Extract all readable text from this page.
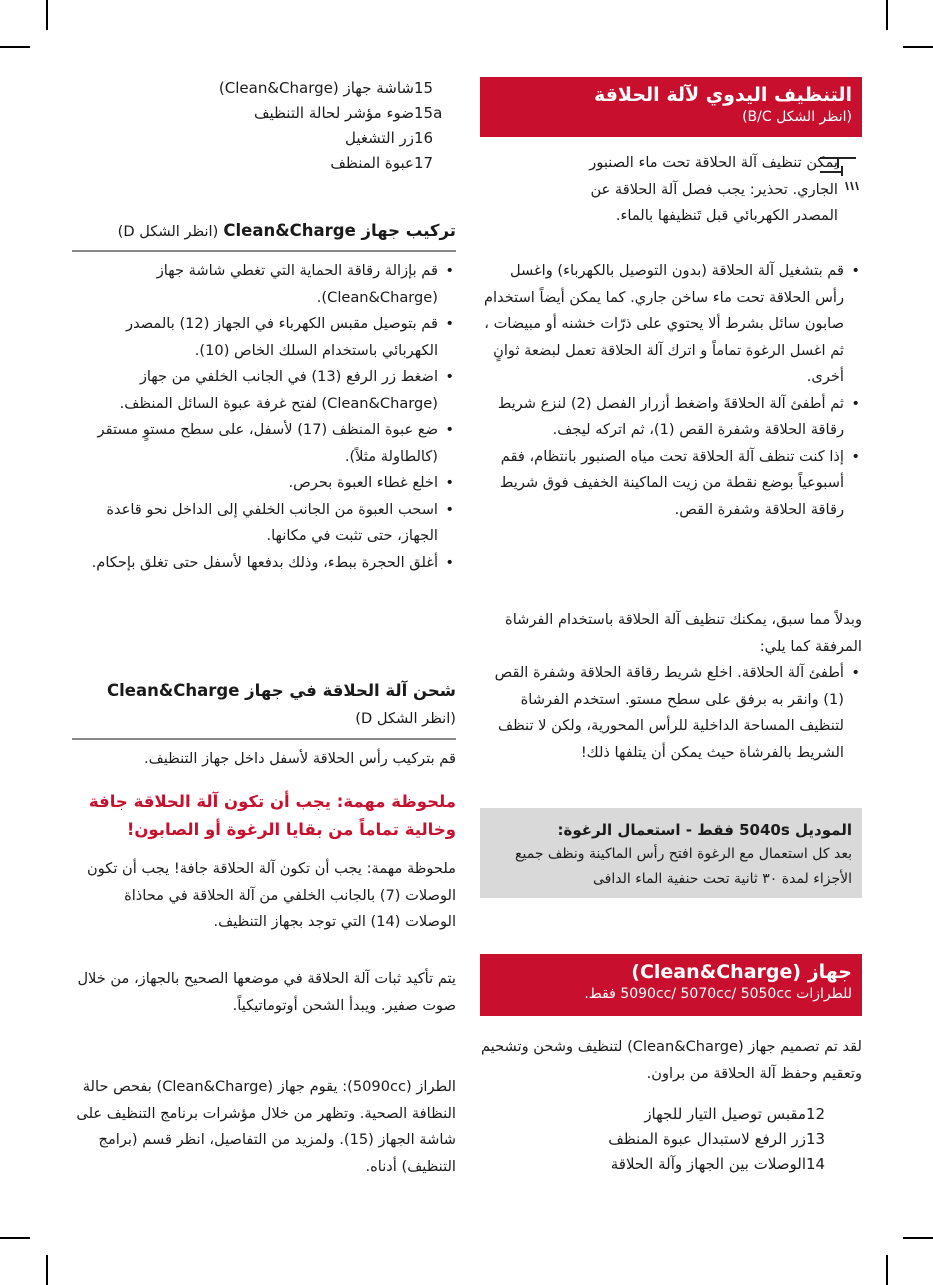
التنظيف اليدوي لآلة الحلاقة
(انظر الشكل B/C)
يمكن تنظيف آلة الحلاقة تحت ماء الصنبور
الجاري. تحذير: يجب فصل آلة الحلاقة عن
المصدر الكهربائي قبل تَنظيفها بالماء.
• قم بتشغيل آلة الحلاقة (بدون التوصيل بالكهرباء) واغسل رأس الحلاقة تحت ماء ساخن جاري. كما يمكن أيضاً استخدام صابون سائل بشرط ألا يحتوي على ذرّات خشنه أو مبيضات ، ثم اغسل الرغوة تماماً و اترك آلة الحلاقة تعمل لبضعة ثوانٍ أخرى.
• ثم أطفئ آلة الحلاقةَ واضغط أزرار الفصل (2) لنزع شريط رقاقة الحلاقة وشفرة القص (1)، ثم اتركه ليجف.
• إذا كنت تنظف آلة الحلاقة تحت مياه الصنبور بانتظام، فقم أسبوعياً بوضع نقطة من زيت الماكينة الخفيف فوق شريط رقاقة الحلاقة وشفرة القص.
وبدلاً مما سبق، يمكنك تنظيف آلة الحلاقة باستخدام الفرشاة المرفقة كما يلي:
• أطفئ آلة الحلاقة. اخلع شريط رقاقة الحلاقة وشفرة القص (1) وانقر به برفق على سطح مستو. استخدم الفرشاة لتنظيف المساحة الداخلية للرأس المحورية، ولكن لا تنظف الشريط بالفرشاة حيث يمكن أن يتلفها ذلك!
الموديل 5040s فقط - استعمال الرغوة:
بعد كل استعمال مع الرغوة افتح رأس الماكينة ونظف جميع الأجزاء لمدة ٣٠ ثانية تحت حنفية الماء الدافى
جهاز (Clean&Charge)
للطرازات 5090cc/ 5070cc/ 5050cc فقط.
لقد تم تصميم جهاز (Clean&Charge) لتنظيف وشحن وتشحيم وتعقيم وحفظ آلة الحلاقة من براون.
12
مقبس توصيل التيار للجهاز
13
زر الرفع لاستبدال عبوة المنظف
14
الوصلات بين الجهاز وآلة الحلاقة
15
شاشة جهاز (Clean&Charge)
15a
ضوء مؤشر لحالة التنظيف
16
زر التشغيل
17
عبوة المنظف
تركيب جهاز Clean&Charge (انظر الشكل D)
• قم بإزالة رقاقة الحماية التي تغطي شاشة جهاز (Clean&Charge).
• قم بتوصيل مقبس الكهرباء في الجهاز (12) بالمصدر الكهربائي باستخدام السلك الخاص (10).
• اضغط زر الرفع (13) في الجانب الخلفي من جهاز (Clean&Charge) لفتح غرفة عبوة السائل المنظف.
• ضع عبوة المنظف (17) لأسفل، على سطح مستوٍ مستقر (كالطاولة مثلاً).
• اخلع غطاء العبوة بحرص.
• اسحب العبوة من الجانب الخلفي إلى الداخل نحو قاعدة الجهاز، حتى تثبت في مكانها.
• أغلق الحجرة ببطء، وذلك بدفعها لأسفل حتى تغلق بإحكام.
شحن آلة الحلاقة في جهاز Clean&Charge
(انظر الشكل D)
قم بتركيب رأس الحلاقة لأسفل داخل جهاز التنظيف.
ملحوظة مهمة: يجب أن تكون آلة الحلاقة جافة وخالية تماماً من بقايا الرغوة أو الصابون!
ملحوظة مهمة: يجب أن تكون آلة الحلاقة جافة! يجب أن تكون الوصلات (7) بالجانب الخلفي من آلة الحلاقة في محاذاة الوصلات (14) التي توجد بجهاز التنظيف.
يتم تأكيد ثبات آلة الحلاقة في موضعها الصحيح بالجهاز، من خلال صوت صفير. ويبدأ الشحن أوتوماتيكياً.
الطراز (5090cc): يقوم جهاز (Clean&Charge) بفحص حالة النظافة الصحية. وتظهر من خلال مؤشرات برنامج التنظيف على شاشة الجهاز (15). ولمزيد من التفاصيل، انظر قسم (برامج التنظيف) أدناه.
